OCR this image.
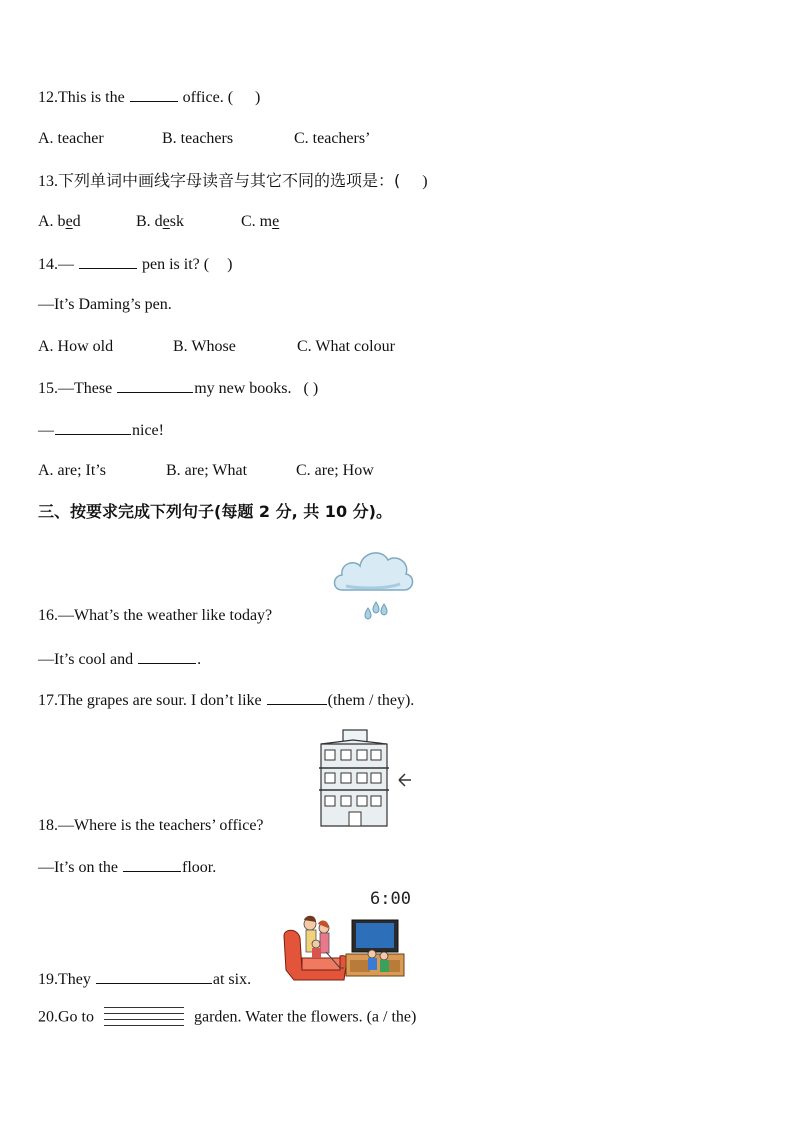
12.This is the	office. ( )
A. teacher	B. teachers	C. teachers’
13.下列单词中画线字母读音与其它不同的选项是：( )
A. bed	B. desk	C. me
14.—	pen is it? ( )
—It’s Daming’s pen.
A. How old	B. Whose	C. What colour
15.—These	my new books. ( )
—	nice!
A. are; It’s	B. are; What	C. are; How
三、按要求完成下列句子(每题 2 分, 共 10 分)。
16.—What’s the weather like today?
—It’s cool and	.
17.The grapes are sour. I don’t like	(them / they).
18.—Where is the teachers’ office?
—It’s on the	floor.
6:00
19.They	at six.
20.Go to	garden. Water the flowers. (a / the)
